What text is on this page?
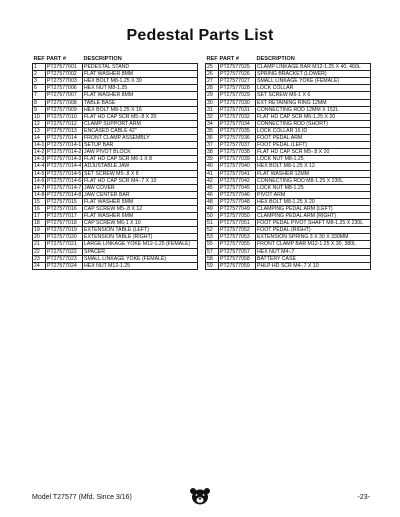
Pedestal Parts List
REF	PART #	DESCRIPTION
1	PT27577001	PEDESTAL STAND
2	PT27577002	FLAT WASHER 8MM
3	PT27577003	HEX BOLT M8-1.25 X 30
6	PT27577006	HEX NUT M8-1.25
7	PT27577007	FLAT WASHER 8MM
8	PT27577008	TABLE BASE
9	PT27577009	HEX BOLT M8-1.25 X 16
10	PT27577010	FLAT HD CAP SCR M5-.8 X 20
12	PT27577012	CLAMP SUPPORT ARM
13	PT27577013	ENCASED CABLE 42"
14	PT27577014	FRONT CLAMP ASSEMBLY
14-1	PT27577014-1	SETUP BAR
14-2	PT27577014-2	JAW PIVOT BLOCK
14-3	PT27577014-3	FLAT HD CAP SCR M6-1 X 8
14-4	PT27577014-4	ADJUSTABLE JAW
14-5	PT27577014-5	SET SCREW M5-.8 X 8
14-6	PT27577014-6	FLAT HD CAP SCR M4-.7 X 10
14-7	PT27577014-7	JAW COVER
14-8	PT27577014-8	JAW CENTER BAR
15	PT27577015	FLAT WASHER 5MM
16	PT27577016	CAP SCREW M5-.8 X 12
17	PT27577017	FLAT WASHER 6MM
18	PT27577018	CAP SCREW M6-1 X 10
19	PT27577019	EXTENSION TABLE (LEFT)
20	PT27577020	EXTENSION TABLE (RIGHT)
21	PT27577021	LARGE LINKAGE YOKE M12-1.25 (FEMALE)
22	PT27577022	SPACER
23	PT27577023	SMALL LINKAGE YOKE (FEMALE)
24	PT27577024	HEX NUT M12-1.25
REF	PART #	DESCRIPTION
25	PT27577025	CLAMP LINKAGE BAR M12-1.25 X 40, 460L
26	PT27577026	SPRING BRACKET (LOWER)
27	PT27577027	SMALL LINKAGE YOKE (FEMALE)
28	PT27577028	LOCK COLLAR
29	PT27577029	SET SCREW M6-1 X 6
30	PT27577030	EXT RETAINING RING 12MM
31	PT27577031	CONNECTING ROD 12MM X 152L
32	PT27577032	FLAT HD CAP SCR M6-1.25 X 20
34	PT27577034	CONNECTING ROD (SHORT)
35	PT27577035	LOCK COLLAR 16 ID
36	PT27577036	FOOT PEDAL ARM
37	PT27577037	FOOT PEDAL (LEFT)
38	PT27577038	FLAT HD CAP SCR M5-.8 X 20
39	PT27577039	LOCK NUT M8-1.25
40	PT27577040	HEX BOLT M8-1.25 X 12
41	PT27577041	FLAT WASHER 12MM
42	PT27577042	CONNECTING ROD M8-1.25 X 230L
45	PT27577045	LOCK NUT M8-1.25
46	PT27577046	PIVOT ARM
48	PT27577048	HEX BOLT M8-1.25 X 20
49	PT27577049	CLAMPING PEDAL ARM (LEFT)
50	PT27577050	CLAMPING PEDAL ARM (RIGHT)
51	PT27577051	FOOT PEDAL PIVOT SHAFT M8-1.25 X 230L
52	PT27577052	FOOT PEDAL (RIGHT)
53	PT27577053	EXTENSION SPRING 3 X 30 X 330MM
55	PT27577055	FRONT CLAMP BAR M12-1.25 X 30, 380L
57	PT27577057	HEX NUT M4-.7
58	PT27577058	BATTERY CASE
59	PT27577059	PHLP HD SCR M4-.7 X 10
Model T27577 (Mfd. Since 3/16)	-23-
